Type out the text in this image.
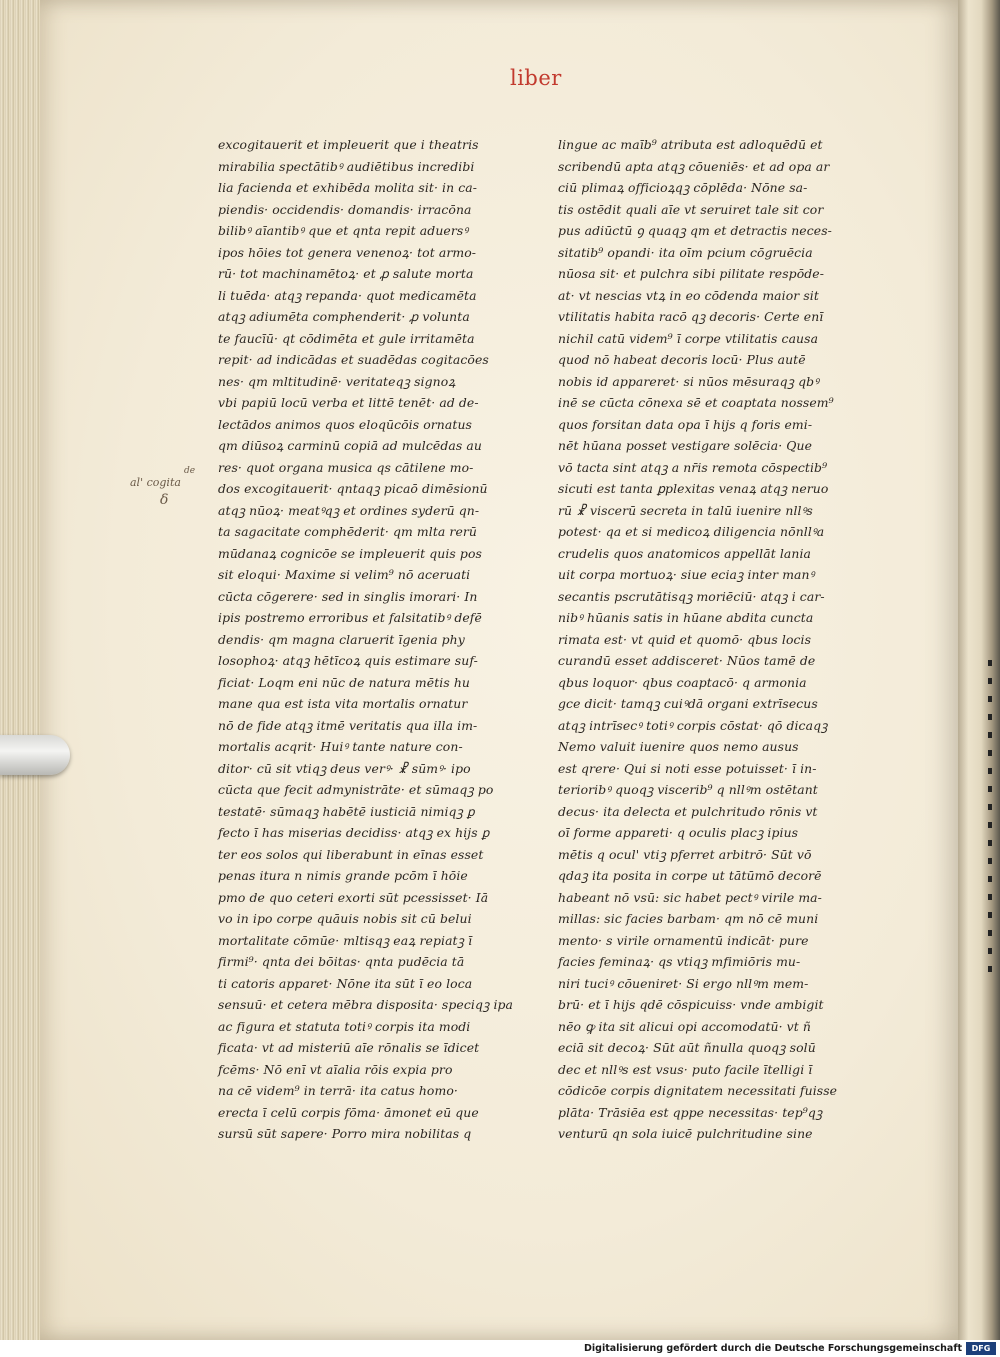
liber
al' cogita
de
δ
excogitauerit et impleuerit que i theatris
mirabilia spectātibꝰ audiētibus incredibi
lia facienda et exhibēda molita sit· in ca-
piendis· occidendis· domandis· irracōna
bilibꝰ aīantibꝰ que et qnta repit aduersꝰ
ipos hōies tot genera venenoꝝ· tot armo-
rū· tot machinamētoꝝ· et ꝓ salute morta
li tuēda· atqꝫ repanda· quot medicamēta
atqꝫ adiumēta comphenderit· ꝓ volunta
te faucīū· qt cōdimēta et gule irritamēta
repit· ad indicādas et suadēdas cogitacōes
nes· qm mltitudinē· veritateqꝫ signoꝝ
vbi papiū locū verba et littē tenēt· ad de-
lectādos animos quos eloqūcōis ornatus
qm diūsoꝝ carminū copiā ad mulcēdas au
res· quot organa musica qs cātilene mo-
dos excogitauerit· qntaqꝫ picaō dimēsionū
atqꝫ nūoꝝ· meatꝰqꝫ et ordines syderū qn-
ta sagacitate comphēderit· qm mlta rerū
mūdanaꝝ cognicōe se impleuerit quis pos
sit eloqui· Maxime si velim⁹ nō aceruati
cūcta cōgerere· sed in singlis imorari· In
ipis postremo erroribus et falsitatibꝰ defē
dendis· qm magna claruerit īgenia phy
losophoꝝ· atqꝫ hētīcoꝝ quis estimare suf-
ficiat· Loqm eni nūc de natura mētis hu
mane qua est ista vita mortalis ornatur
nō de fide atqꝫ itmē veritatis qua illa im-
mortalis acqrit· Huiꝰ tante nature con-
ditor· cū sit vtiqꝫ deus verꝰ· ☧ sūmꝰ· ipo
cūcta que fecit admynistrāte· et sūmaqꝫ po
testatē· sūmaqꝫ habētē iusticiā nimiqꝫ ꝑ
fecto ī has miserias decidiss· atqꝫ ex hijs ꝑ
ter eos solos qui liberabunt in eīnas esset
penas itura n nimis grande pcōm ī hōie
pmo de quo ceteri exorti sūt pcessisset· Iā
vo in ipo corpe quāuis nobis sit cū belui
mortalitate cōmūe· mltisqꝫ eaꝝ repiatꝫ ī
firmi⁹· qnta dei bōitas· qnta pudēcia tā
ti catoris apparet· Nōne ita sūt ī eo loca
sensuū· et cetera mēbra disposita· speciqꝫ ipa
ac figura et statuta totiꝰ corpis ita modi
ficata· vt ad misteriū aīe rōnalis se īdicet
fcēms· Nō enī vt aīalia rōis expia pro
na cē videm⁹ in terrā· ita catus homo·
erecta ī celū corpis fōma· āmonet eū que
sursū sūt sapere· Porro mira nobilitas q
lingue ac maīb⁹ atributa est adloquēdū et
scribendū apta atqꝫ cōueniēs· et ad opa ar
ciū plimaꝝ officioꝝqꝫ cōplēda· Nōne sa-
tis ostēdit quali aīe vt seruiret tale sit cor
pus adiūctū ꝯ quaqꝫ qm et detractis neces-
sitatib⁹ opandi· ita oīm pcium cōgruēcia
nūosa sit· et pulchra sibi pilitate respōde-
at· vt nescias vtꝝ in eo cōdenda maior sit
vtilitatis habita racō qꝫ decoris· Certe enī
nichil catū videm⁹ ī corpe vtilitatis causa
quod nō habeat decoris locū· Plus autē
nobis id appareret· si nūos mēsuraqꝫ qbꝰ
inē se cūcta cōnexa sē et coaptata nossem⁹
quos forsitan data opa ī hijs q foris emi-
nēt hūana posset vestigare solēcia· Que
vō tacta sint atqꝫ a nr̄is remota cōspectib⁹
sicuti est tanta ꝑplexitas venaꝝ atqꝫ neruo
rū ☧ viscerū secreta in talū iuenire nllꝰs
potest· qa et si medicoꝝ diligencia nōnllꝰa
crudelis quos anatomicos appellāt lania
uit corpa mortuoꝝ· siue eciaꝫ inter manꝰ
secantis pscrutātisqꝫ moriēciū· atqꝫ i car-
nibꝰ hūanis satis in hūane abdita cuncta
rimata est· vt quid et quomō· qbus locis
curandū esset addisceret· Nūos tamē de
qbus loquor· qbus coaptacō· q armonia
gce dicit· tamqꝫ cuiꝰdā organi extrīsecus
atqꝫ intrīsecꝰ totiꝰ corpis cōstat· qō dicaqꝫ
Nemo valuit iuenire quos nemo ausus
est qrere· Qui si noti esse potuisset· ī in-
terioribꝰ quoqꝫ viscerib⁹ q nllꝰm ostētant
decus· ita delecta et pulchritudo rōnis vt
oī forme appareti· q oculis placꝫ ipius
mētis q ocul' vtiꝫ pferret arbitrō· Sūt vō
qdaꝫ ita posita in corpe ut tātūmō decorē
habeant nō vsū: sic habet pectꝰ virile ma-
millas: sic facies barbam· qm nō cē muni
mento· s virile ornamentū indicāt· pure
facies feminaꝝ· qs vtiqꝫ mfimiōris mu-
niri tuciꝰ cōueniret· Si ergo nllꝰm mem-
brū· et ī hijs qdē cōspicuiss· vnde ambigit
nēo ꝙ ita sit alicui opi accomodatū· vt ñ
eciā sit decoꝝ· Sūt aūt ñnulla quoqꝫ solū
dec et nllꝰs est vsus· puto facile ītelligi ī
cōdicōe corpis dignitatem necessitati fuisse
plāta· Trāsiēa est qppe necessitas· tep⁹qꝫ
venturū qn sola iuicē pulchritudine sine
Digitalisierung gefördert durch die Deutsche Forschungsgemeinschaft	DFG
